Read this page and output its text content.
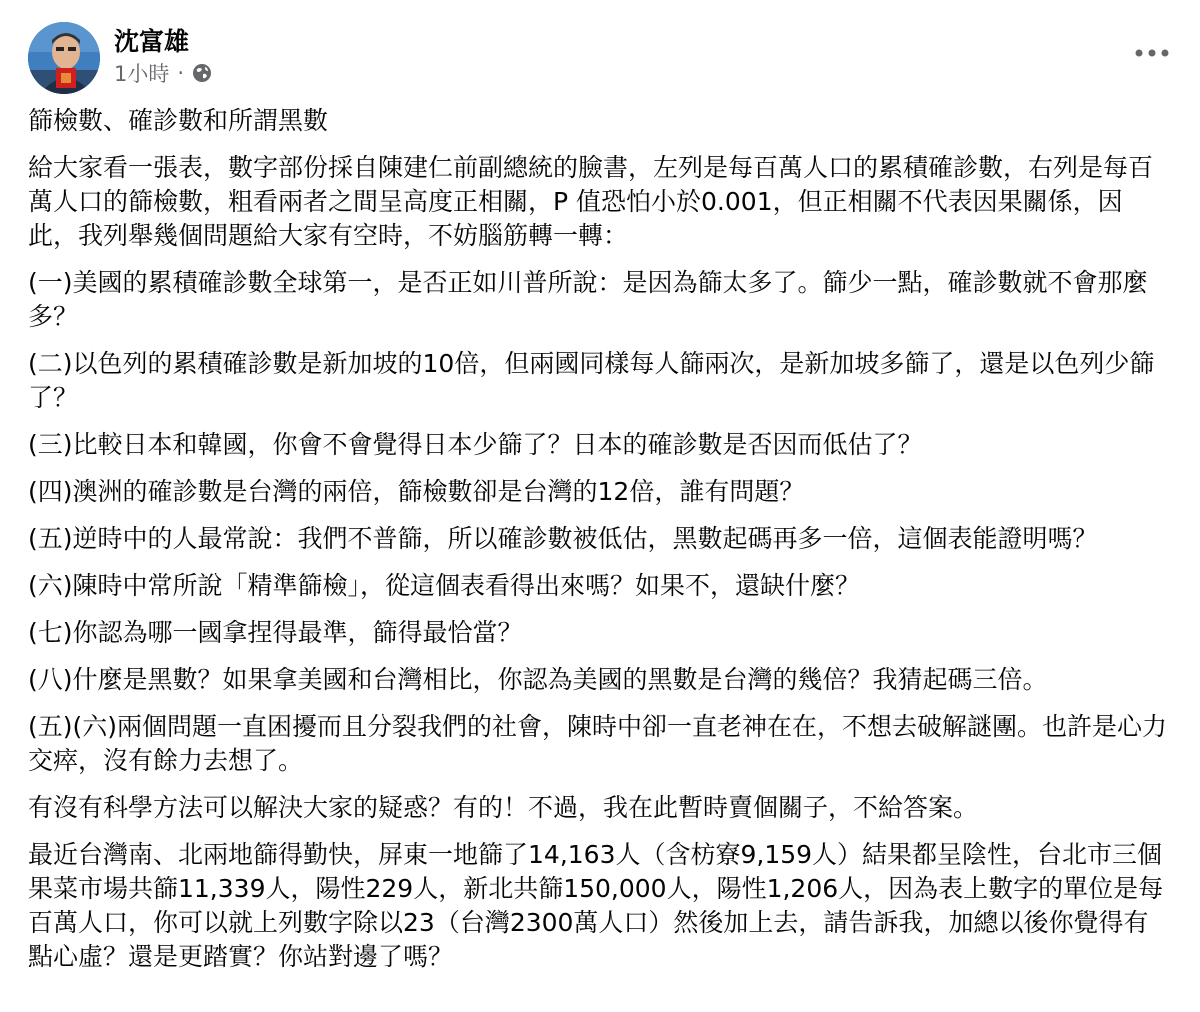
沈富雄
1小時 ·

篩檢數、確診數和所謂黑數

給大家看一張表，數字部份採自陳建仁前副總統的臉書，左列是每百萬人口的累積確診數，右列是每百萬人口的篩檢數，粗看兩者之間呈高度正相關，P 值恐怕小於0.001，但正相關不代表因果關係，因此，我列舉幾個問題給大家有空時，不妨腦筋轉一轉：

(一)美國的累積確診數全球第一，是否正如川普所說：是因為篩太多了。篩少一點，確診數就不會那麼多？

(二)以色列的累積確診數是新加坡的10倍，但兩國同樣每人篩兩次，是新加坡多篩了，還是以色列少篩了？

(三)比較日本和韓國，你會不會覺得日本少篩了？日本的確診數是否因而低估了？

(四)澳洲的確診數是台灣的兩倍，篩檢數卻是台灣的12倍，誰有問題？

(五)逆時中的人最常說：我們不普篩，所以確診數被低估，黑數起碼再多一倍，這個表能證明嗎？

(六)陳時中常所說「精準篩檢」，從這個表看得出來嗎？如果不，還缺什麼？

(七)你認為哪一國拿捏得最準，篩得最恰當？

(八)什麼是黑數？如果拿美國和台灣相比，你認為美國的黑數是台灣的幾倍？我猜起碼三倍。

(五)(六)兩個問題一直困擾而且分裂我們的社會，陳時中卻一直老神在在，不想去破解謎團。也許是心力交瘁，沒有餘力去想了。

有沒有科學方法可以解決大家的疑惑？有的！不過，我在此暫時賣個關子，不給答案。

最近台灣南、北兩地篩得勤快，屏東一地篩了14,163人（含枋寮9,159人）結果都呈陰性，台北市三個果菜市場共篩11,339人，陽性229人，新北共篩150,000人，陽性1,206人，因為表上數字的單位是每百萬人口，你可以就上列數字除以23（台灣2300萬人口）然後加上去，請告訴我，加總以後你覺得有點心虛？還是更踏實？你站對邊了嗎？
